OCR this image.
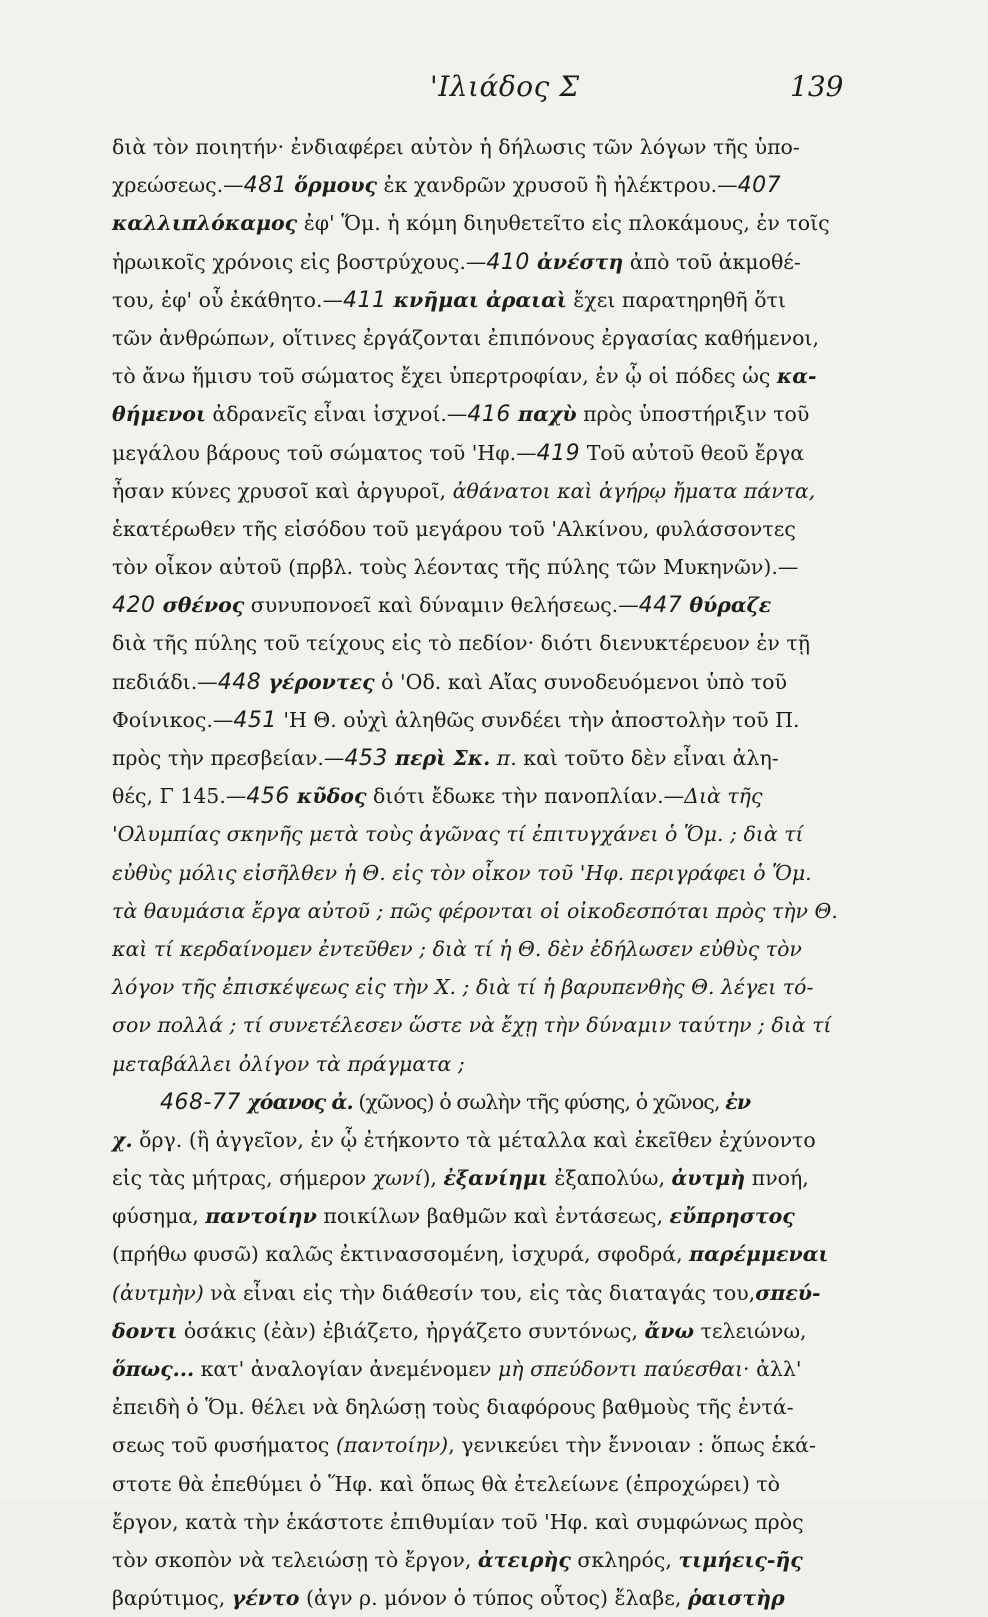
'Ιλιάδος Σ	139
διὰ τὸν ποιητήν· ἐνδιαφέρει αὐτὸν ἡ δήλωσις τῶν λόγων τῆς ὑπο-
χρεώσεως.—481 ὅρμους ἐκ χανδρῶν χρυσοῦ ἢ ἠλέκτρου.—407
καλλιπλόκαμος ἐφ' Ὅμ. ἡ κόμη διηυθετεῖτο εἰς πλοκάμους, ἐν τοῖς
ἡρωικοῖς χρόνοις εἰς βοστρύχους.—410 ἀνέστη ἀπὸ τοῦ ἀκμοθέ-
του, ἐφ' οὗ ἐκάθητο.—411 κνῆμαι ἀραιαὶ ἔχει παρατηρηθῆ ὅτι
τῶν ἀνθρώπων, οἵτινες ἐργάζονται ἐπιπόνους ἐργασίας καθήμενοι,
τὸ ἄνω ἥμισυ τοῦ σώματος ἔχει ὑπερτροφίαν, ἐν ᾧ οἱ πόδες ὡς κα-
θήμενοι ἀδρανεῖς εἶναι ἰσχνοί.—416 παχὺ πρὸς ὑποστήριξιν τοῦ
μεγάλου βάρους τοῦ σώματος τοῦ 'Ηφ.—419 Τοῦ αὐτοῦ θεοῦ ἔργα
ἦσαν κύνες χρυσοῖ καὶ ἀργυροῖ, ἀθάνατοι καὶ ἀγήρῳ ἤματα πάντα,
ἑκατέρωθεν τῆς εἰσόδου τοῦ μεγάρου τοῦ 'Αλκίνου, φυλάσσοντες
τὸν οἶκον αὐτοῦ (πρβλ. τοὺς λέοντας τῆς πύλης τῶν Μυκηνῶν).—
420 σθένος συνυπονοεῖ καὶ δύναμιν θελήσεως.—447 θύραζε
διὰ τῆς πύλης τοῦ τείχους εἰς τὸ πεδίον· διότι διενυκτέρευον ἐν τῇ
πεδιάδι.—448 γέροντες ὁ 'Οδ. καὶ Αἴας συνοδευόμενοι ὑπὸ τοῦ
Φοίνικος.—451 'Η Θ. οὐχὶ ἀληθῶς συνδέει τὴν ἀποστολὴν τοῦ Π.
πρὸς τὴν πρεσβείαν.—453 περὶ Σκ. π. καὶ τοῦτο δὲν εἶναι ἀλη-
θές, Γ 145.—456 κῦδος διότι ἔδωκε τὴν πανοπλίαν.—Διὰ τῆς
'Ολυμπίας σκηνῆς μετὰ τοὺς ἀγῶνας τί ἐπιτυγχάνει ὁ Ὅμ. ; διὰ τί
εὐθὺς μόλις εἰσῆλθεν ἡ Θ. εἰς τὸν οἶκον τοῦ 'Ηφ. περιγράφει ὁ Ὅμ.
τὰ θαυμάσια ἔργα αὐτοῦ ; πῶς φέρονται οἱ οἰκοδεσπόται πρὸς τὴν Θ.
καὶ τί κερδαίνομεν ἐντεῦθεν ; διὰ τί ἡ Θ. δὲν ἐδήλωσεν εὐθὺς τὸν
λόγον τῆς ἐπισκέψεως εἰς τὴν Χ. ; διὰ τί ἡ βαρυπενθὴς Θ. λέγει τό-
σον πολλά ; τί συνετέλεσεν ὥστε νὰ ἔχῃ τὴν δύναμιν ταύτην ; διὰ τί
μεταβάλλει ὀλίγον τὰ πράγματα ;
468-77 χόανος ἀ. (χῶνος) ὁ σωλὴν τῆς φύσης, ὁ χῶνος, ἐν
χ. ὄργ. (ἢ ἀγγεῖον, ἐν ᾧ ἐτήκοντο τὰ μέταλλα καὶ ἐκεῖθεν ἐχύνοντο
εἰς τὰς μήτρας, σήμερον χωνί), ἐξανίημι ἐξαπολύω, ἀυτμὴ πνοή,
φύσημα, παντοίην ποικίλων βαθμῶν καὶ ἐντάσεως, εὔπρηστος
(πρήθω φυσῶ) καλῶς ἐκτινασσομένη, ἰσχυρά, σφοδρά, παρέμμεναι
(ἀυτμὴν) νὰ εἶναι εἰς τὴν διάθεσίν του, εἰς τὰς διαταγάς του,σπεύ-
δοντι ὁσάκις (ἐὰν) ἐβιάζετο, ἠργάζετο συντόνως, ἄνω τελειώνω,
ὅπως... κατ' ἀναλογίαν ἀνεμένομεν μὴ σπεύδοντι παύεσθαι· ἀλλ'
ἐπειδὴ ὁ Ὅμ. θέλει νὰ δηλώσῃ τοὺς διαφόρους βαθμοὺς τῆς ἐντά-
σεως τοῦ φυσήματος (παντοίην), γενικεύει τὴν ἔννοιαν : ὅπως ἑκά-
στοτε θὰ ἐπεθύμει ὁ Ἥφ. καὶ ὅπως θὰ ἐτελείωνε (ἐπροχώρει) τὸ
ἔργον, κατὰ τὴν ἑκάστοτε ἐπιθυμίαν τοῦ 'Ηφ. καὶ συμφώνως πρὸς
τὸν σκοπὸν νὰ τελειώσῃ τὸ ἔργον, ἀτειρὴς σκληρός, τιμήεις-ῆς
βαρύτιμος, γέντο (ἀγν ρ. μόνον ὁ τύπος οὗτος) ἔλαβε, ῥαιστὴρ
